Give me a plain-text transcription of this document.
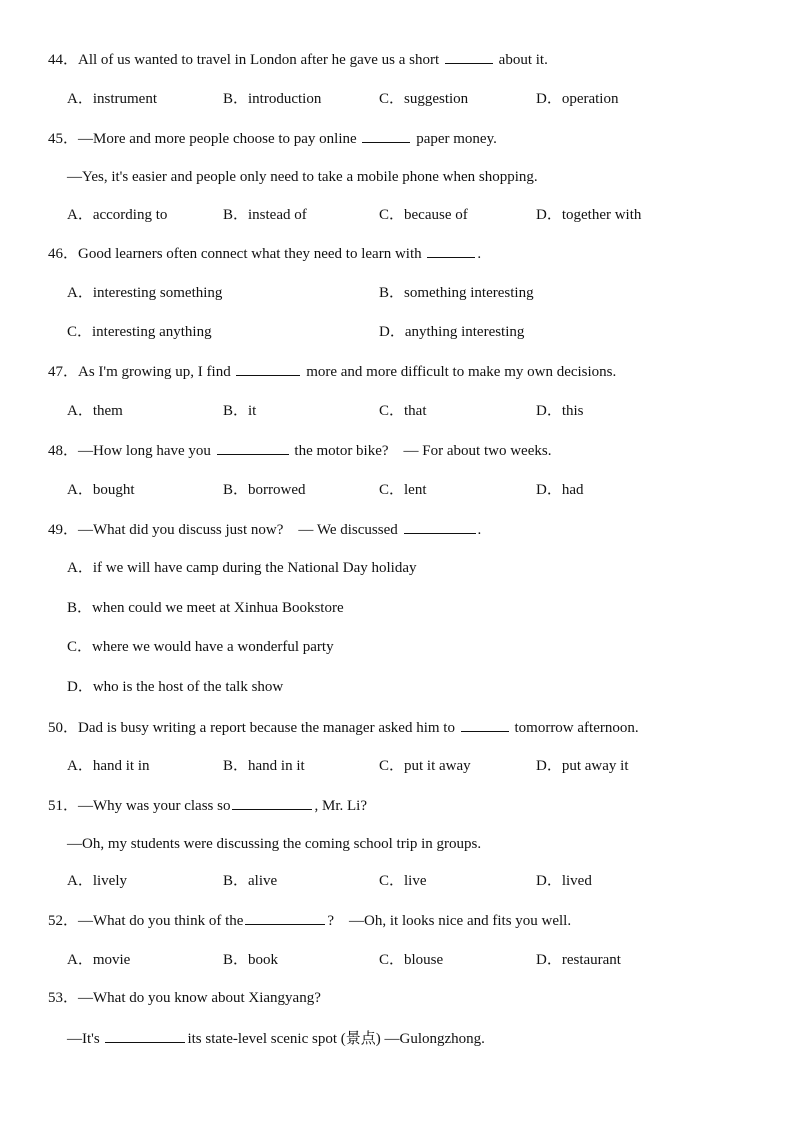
44．All of us wanted to travel in London after he gave us a short	about it.
A．instrument	B．introduction	C．suggestion	D．operation
45．—More and more people choose to pay online	paper money.
—Yes, it's easier and people only need to take a mobile phone when shopping.
A．according to	B．instead of	C．because of	D．together with
46．Good learners often connect what they need to learn with	.
A．interesting something	B．something interesting
C．interesting anything	D．anything interesting
47．As I'm growing up, I find	more and more difficult to make my own decisions.
A．them	B．it	C．that	D．this
48．—How long have you	the motor bike?　— For about two weeks.
A．bought	B．borrowed	C．lent	D．had
49．—What did you discuss just now?　— We discussed	.
A．if we will have camp during the National Day holiday
B．when could we meet at Xinhua Bookstore
C．where we would have a wonderful party
D．who is the host of the talk show
50．Dad is busy writing a report because the manager asked him to	tomorrow afternoon.
A．hand it in	B．hand in it	C．put it away	D．put away it
51．—Why was your class so	, Mr. Li?
—Oh, my students were discussing the coming school trip in groups.
A．lively	B．alive	C．live	D．lived
52．—What do you think of the	?　—Oh, it looks nice and fits you well.
A．movie	B．book	C．blouse	D．restaurant
53．—What do you know about Xiangyang?
—It's	its state-level scenic spot (景点) —Gulongzhong.
